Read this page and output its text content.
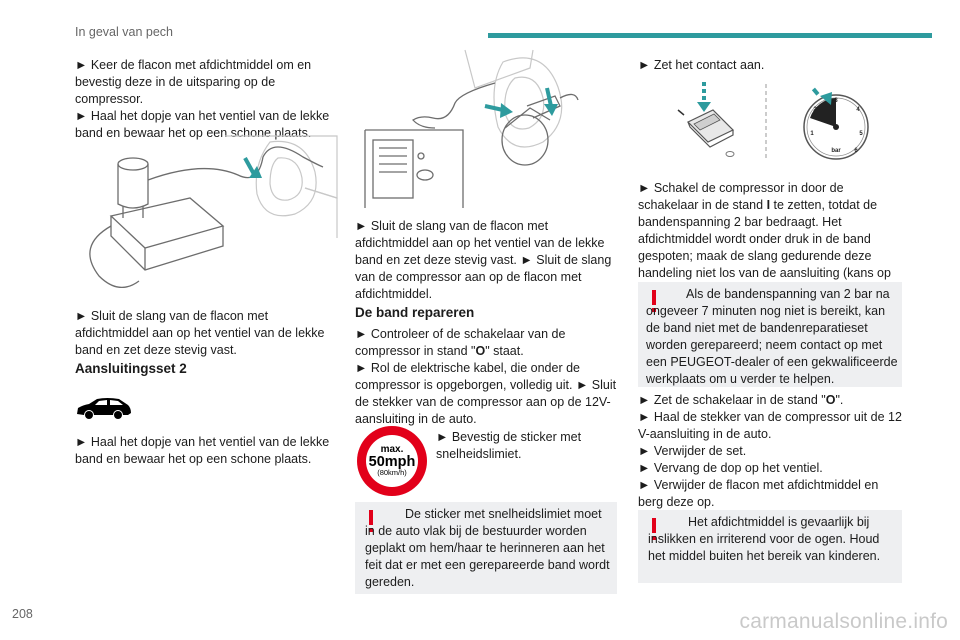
In geval van pech
208	carmanualsonline.info

► Keer de flacon met afdichtmiddel om en bevestig deze in de uitsparing op de compressor.
► Haal het dopje van het ventiel van de lekke band en bewaar het op een schone plaats.

► Sluit de slang van de flacon met afdichtmiddel aan op het ventiel van de lekke band en zet deze stevig vast.

Aansluitingsset 2

► Haal het dopje van het ventiel van de lekke band en bewaar het op een schone plaats.

► Sluit de slang van de flacon met afdichtmiddel aan op het ventiel van de lekke band en zet deze stevig vast. ► Sluit de slang van de compressor aan op de flacon met afdichtmiddel.

De band repareren

► Controleer of de schakelaar van de compressor in stand "O" staat.

► Rol de elektrische kabel, die onder de compressor is opgeborgen, volledig uit. ► Sluit de stekker van de compressor aan op de 12V-aansluiting in de auto.

max.
50mph
(80km/h)

► Bevestig de sticker met snelheidslimiet.

De sticker met snelheidslimiet moet in de auto vlak bij de bestuurder worden geplakt om hem/haar te herinneren aan het feit dat er met een gerepareerde band wordt gereden.

► Zet het contact aan.

1
2
3
4
5
6
bar

► Schakel de compressor in door de schakelaar in de stand I te zetten, totdat de bandenspanning 2 bar bedraagt. Het afdichtmiddel wordt onder druk in de band gespoten; maak de slang gedurende deze handeling niet los van de aansluiting (kans op

Als de bandenspanning van 2 bar na ongeveer 7 minuten nog niet is bereikt, kan de band niet met de bandenreparatieset worden gerepareerd; neem contact op met een PEUGEOT-dealer of een gekwalificeerde werkplaats om u verder te helpen.

► Zet de schakelaar in de stand "O".

► Haal de stekker van de compressor uit de 12 V-aansluiting in de auto.
► Verwijder de set.
► Vervang de dop op het ventiel.
► Verwijder de flacon met afdichtmiddel en berg deze op.

Het afdichtmiddel is gevaarlijk bij inslikken en irriterend voor de ogen. Houd het middel buiten het bereik van kinderen.
